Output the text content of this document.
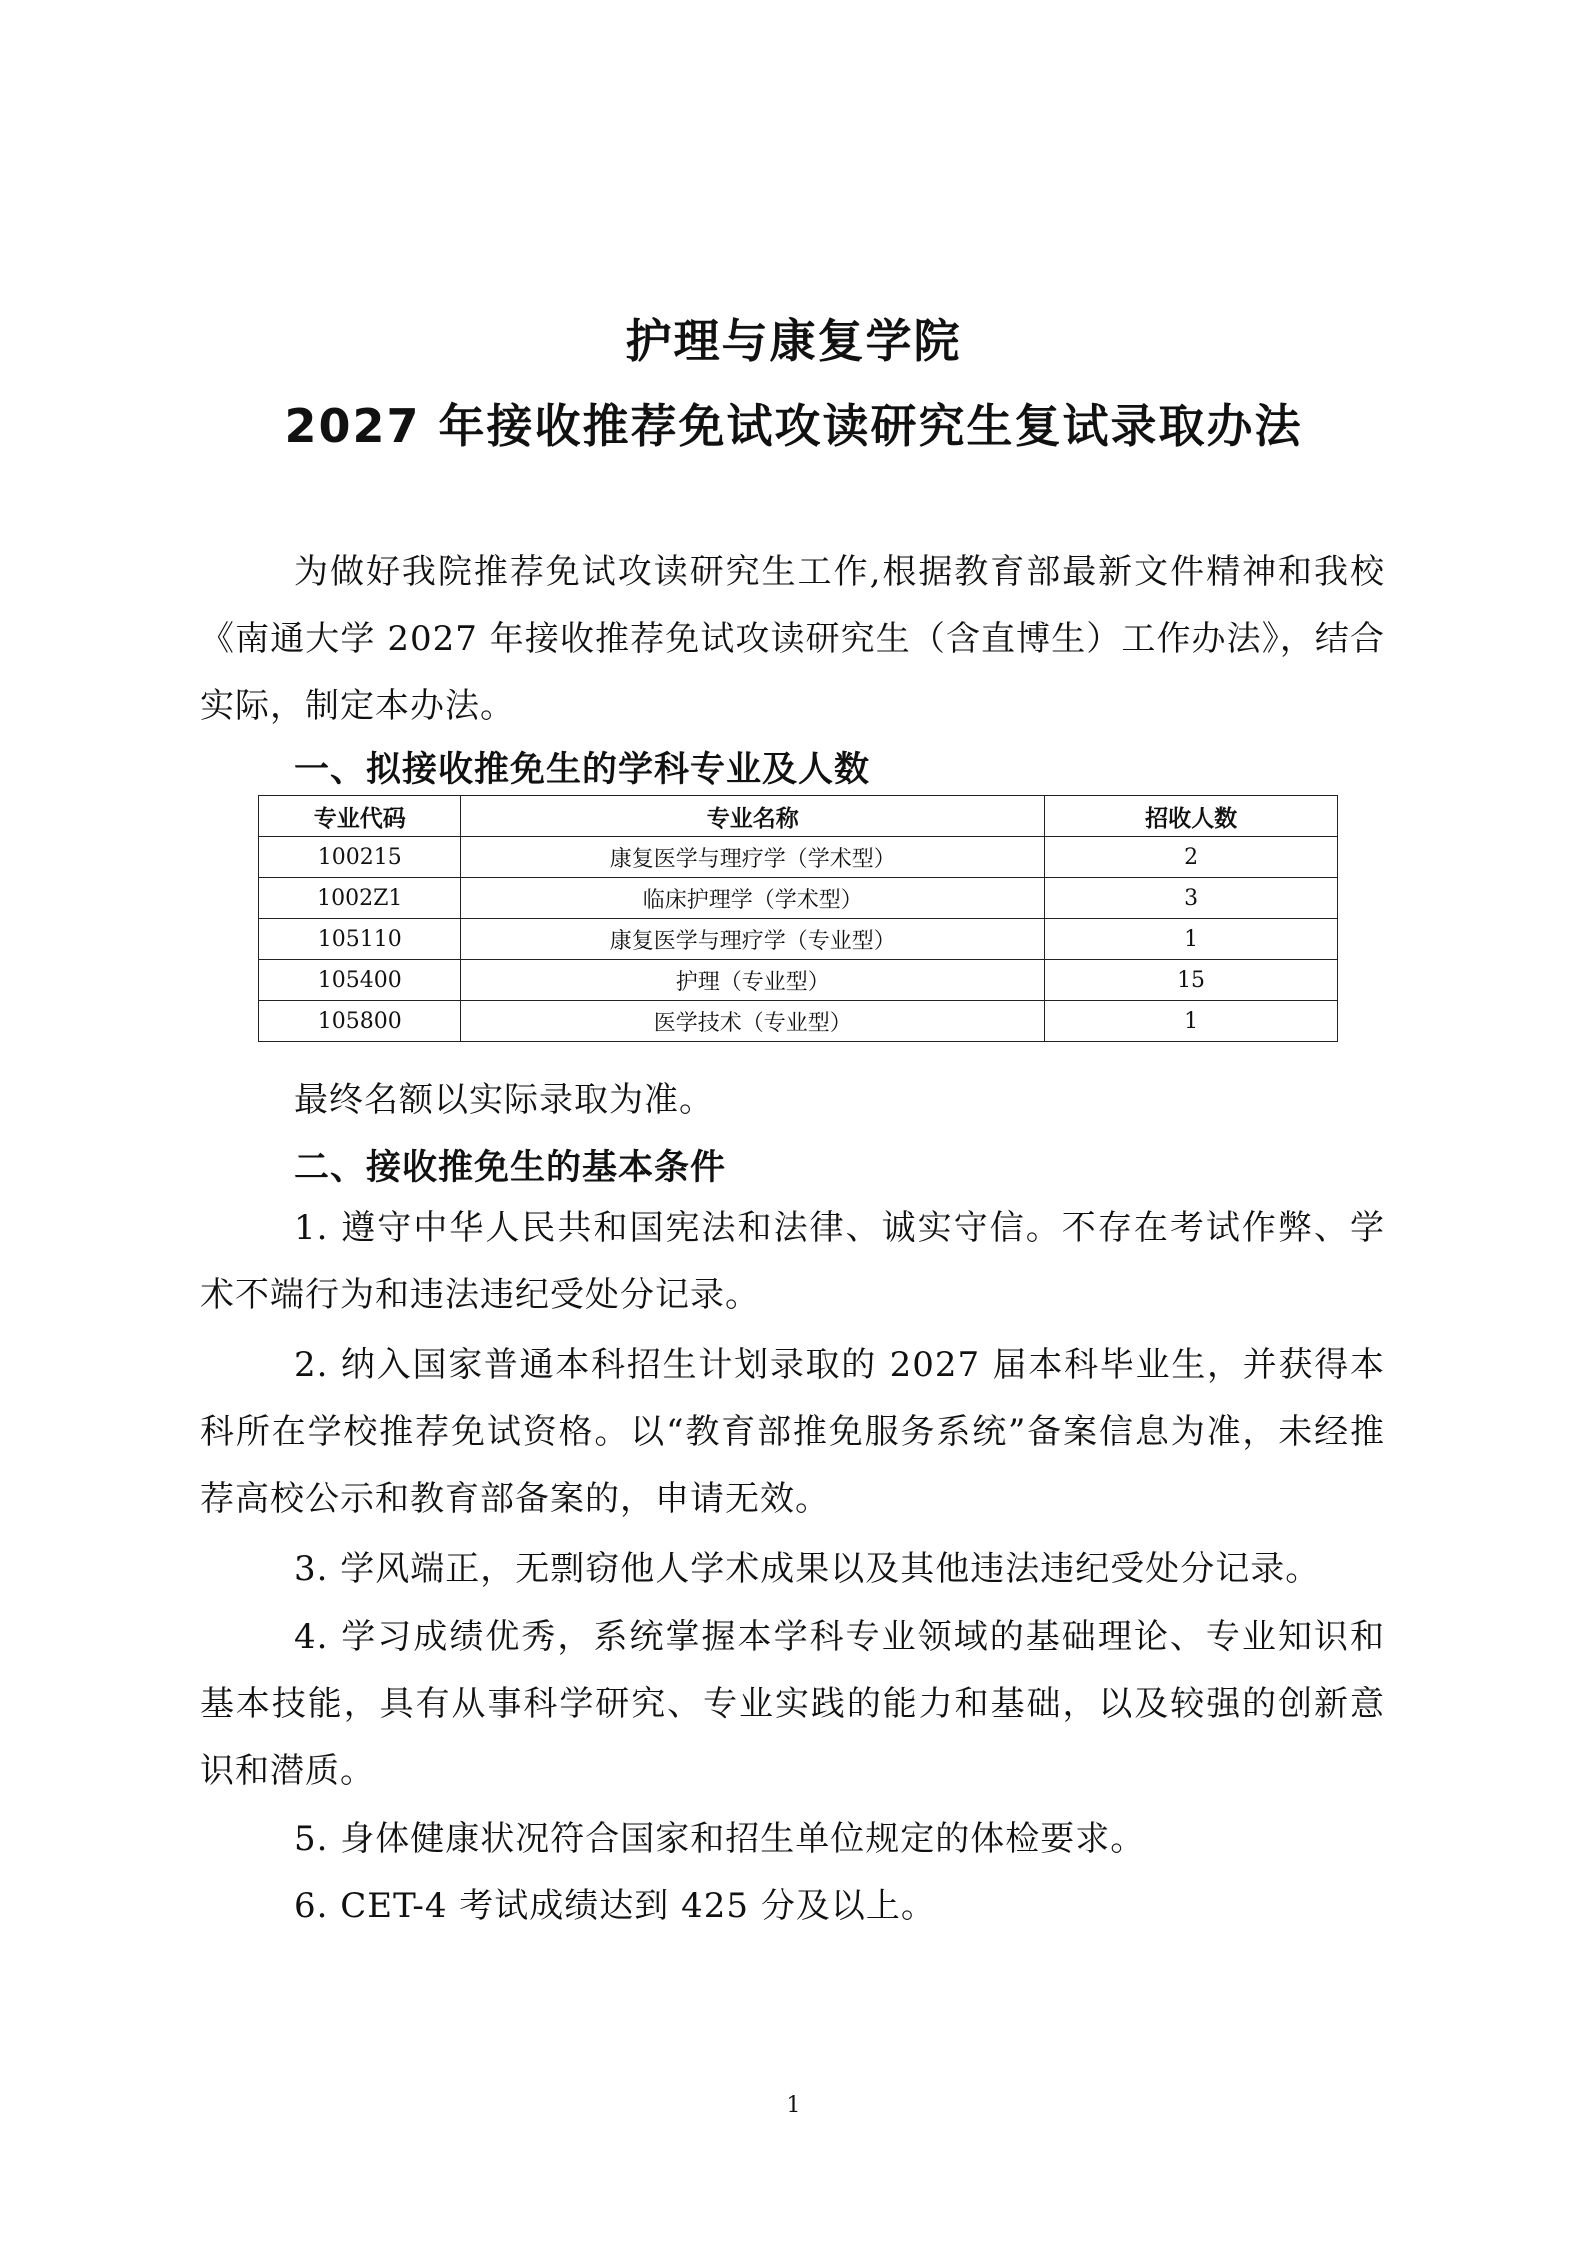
护理与康复学院
2027 年接收推荐免试攻读研究生复试录取办法

为做好我院推荐免试攻读研究生工作,根据教育部最新文件精神和我校《南通大学 2027 年接收推荐免试攻读研究生（含直博生）工作办法》，结合实际，制定本办法。

一、拟接收推免生的学科专业及人数
专业代码	专业名称	招收人数
100215	康复医学与理疗学（学术型）	2
1002Z1	临床护理学（学术型）	3
105110	康复医学与理疗学（专业型）	1
105400	护理（专业型）	15
105800	医学技术（专业型）	1
最终名额以实际录取为准。
二、接收推免生的基本条件

1. 遵守中华人民共和国宪法和法律、诚实守信。不存在考试作弊、学术不端行为和违法违纪受处分记录。

2. 纳入国家普通本科招生计划录取的 2027 届本科毕业生，并获得本科所在学校推荐免试资格。以“教育部推免服务系统”备案信息为准，未经推荐高校公示和教育部备案的，申请无效。

3. 学风端正，无剽窃他人学术成果以及其他违法违纪受处分记录。

4. 学习成绩优秀，系统掌握本学科专业领域的基础理论、专业知识和基本技能，具有从事科学研究、专业实践的能力和基础，以及较强的创新意识和潜质。

5. 身体健康状况符合国家和招生单位规定的体检要求。

6. CET-4 考试成绩达到 425 分及以上。

1
